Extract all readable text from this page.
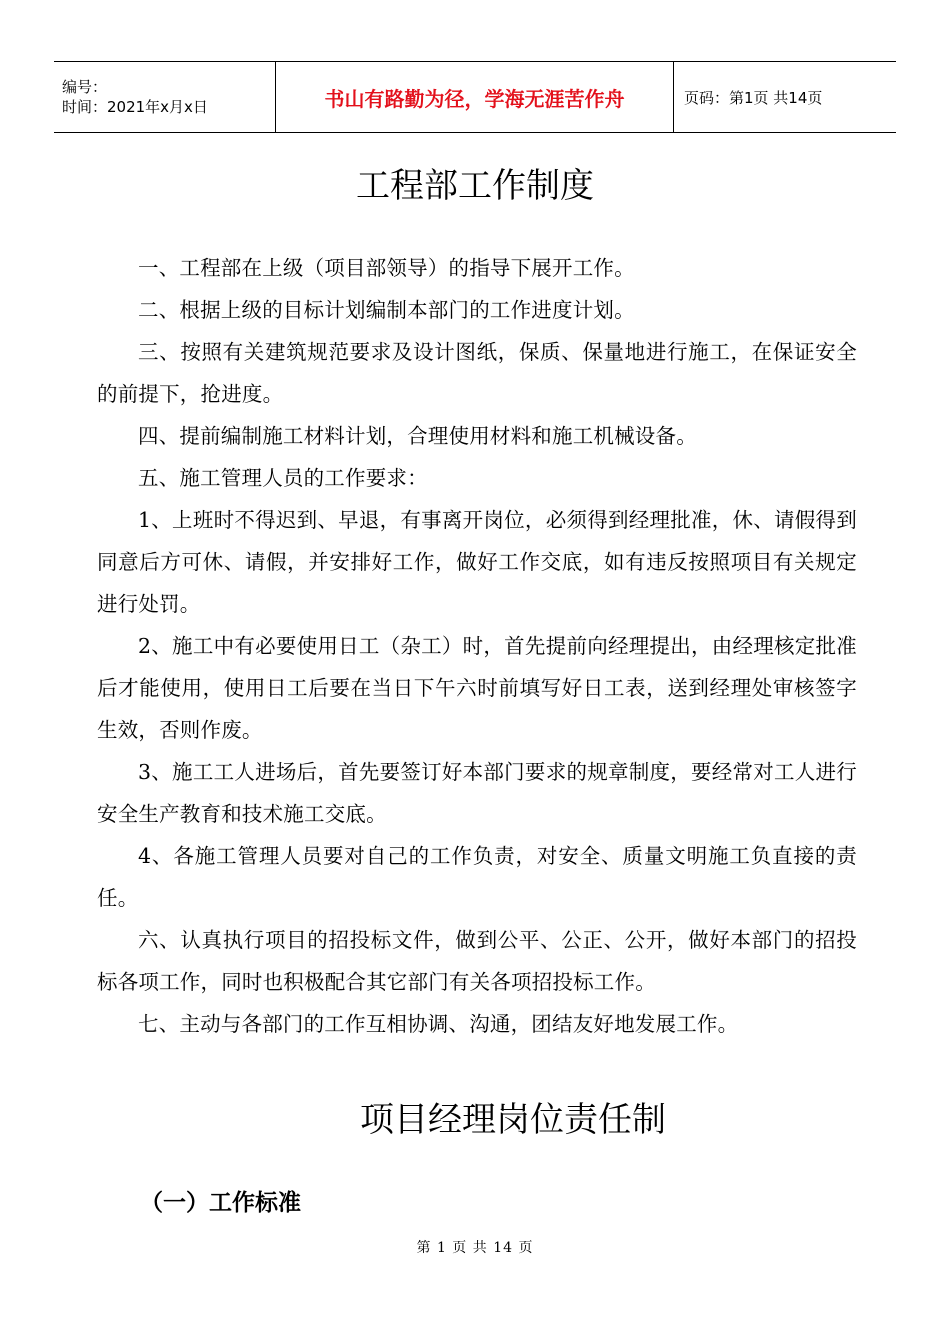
编号：
时间：2021年x月x日	书山有路勤为径，学海无涯苦作舟	页码：第1页 共14页
工程部工作制度

一、工程部在上级（项目部领导）的指导下展开工作。

二、根据上级的目标计划编制本部门的工作进度计划。

三、按照有关建筑规范要求及设计图纸，保质、保量地进行施工，在保证安全的前提下，抢进度。

四、提前编制施工材料计划，合理使用材料和施工机械设备。

五、施工管理人员的工作要求：

1、上班时不得迟到、早退，有事离开岗位，必须得到经理批准，休、请假得到同意后方可休、请假，并安排好工作，做好工作交底，如有违反按照项目有关规定进行处罚。

2、施工中有必要使用日工（杂工）时，首先提前向经理提出，由经理核定批准后才能使用，使用日工后要在当日下午六时前填写好日工表，送到经理处审核签字生效，否则作废。

3、施工工人进场后，首先要签订好本部门要求的规章制度，要经常对工人进行安全生产教育和技术施工交底。

4、各施工管理人员要对自己的工作负责，对安全、质量文明施工负直接的责任。

六、认真执行项目的招投标文件，做到公平、公正、公开，做好本部门的招投标各项工作，同时也积极配合其它部门有关各项招投标工作。

七、主动与各部门的工作互相协调、沟通，团结友好地发展工作。

项目经理岗位责任制
（一）工作标准
第 1 页 共 14 页
